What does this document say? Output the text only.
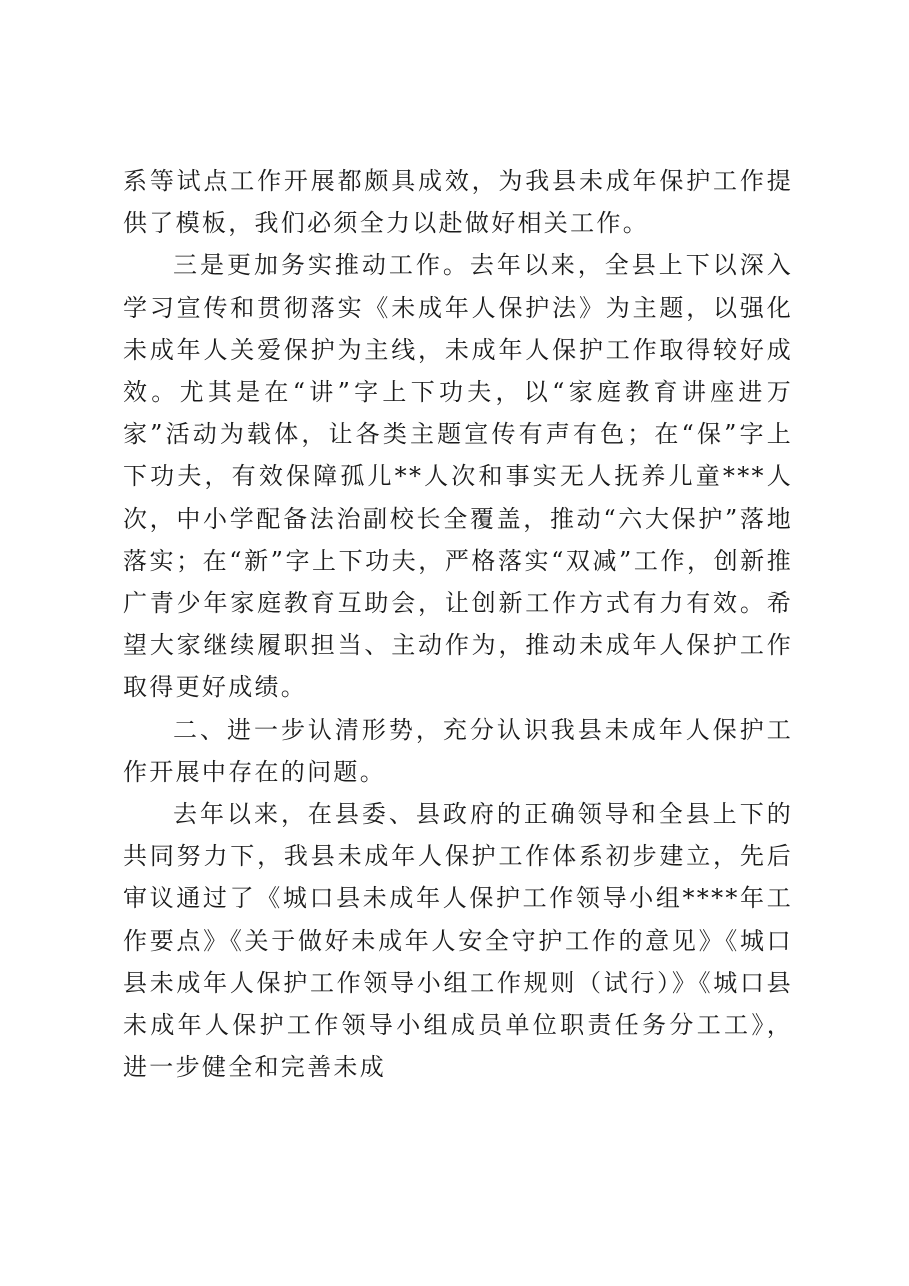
系等试点工作开展都颇具成效，为我县未成年保护工作提供了模板，我们必须全力以赴做好相关工作。

三是更加务实推动工作。去年以来，全县上下以深入学习宣传和贯彻落实《未成年人保护法》为主题，以强化未成年人关爱保护为主线，未成年人保护工作取得较好成效。尤其是在“讲”字上下功夫，以“家庭教育讲座进万家”活动为载体，让各类主题宣传有声有色；在“保”字上下功夫，有效保障孤儿**人次和事实无人抚养儿童***人次，中小学配备法治副校长全覆盖，推动“六大保护”落地落实；在“新”字上下功夫，严格落实“双减”工作，创新推广青少年家庭教育互助会，让创新工作方式有力有效。希望大家继续履职担当、主动作为，推动未成年人保护工作取得更好成绩。

二、进一步认清形势，充分认识我县未成年人保护工作开展中存在的问题。

去年以来，在县委、县政府的正确领导和全县上下的共同努力下，我县未成年人保护工作体系初步建立，先后审议通过了《城口县未成年人保护工作领导小组****年工作要点》《关于做好未成年人安全守护工作的意见》《城口县未成年人保护工作领导小组工作规则（试行）》《城口县未成年人保护工作领导小组成员单位职责任务分工工》，进一步健全和完善未成
